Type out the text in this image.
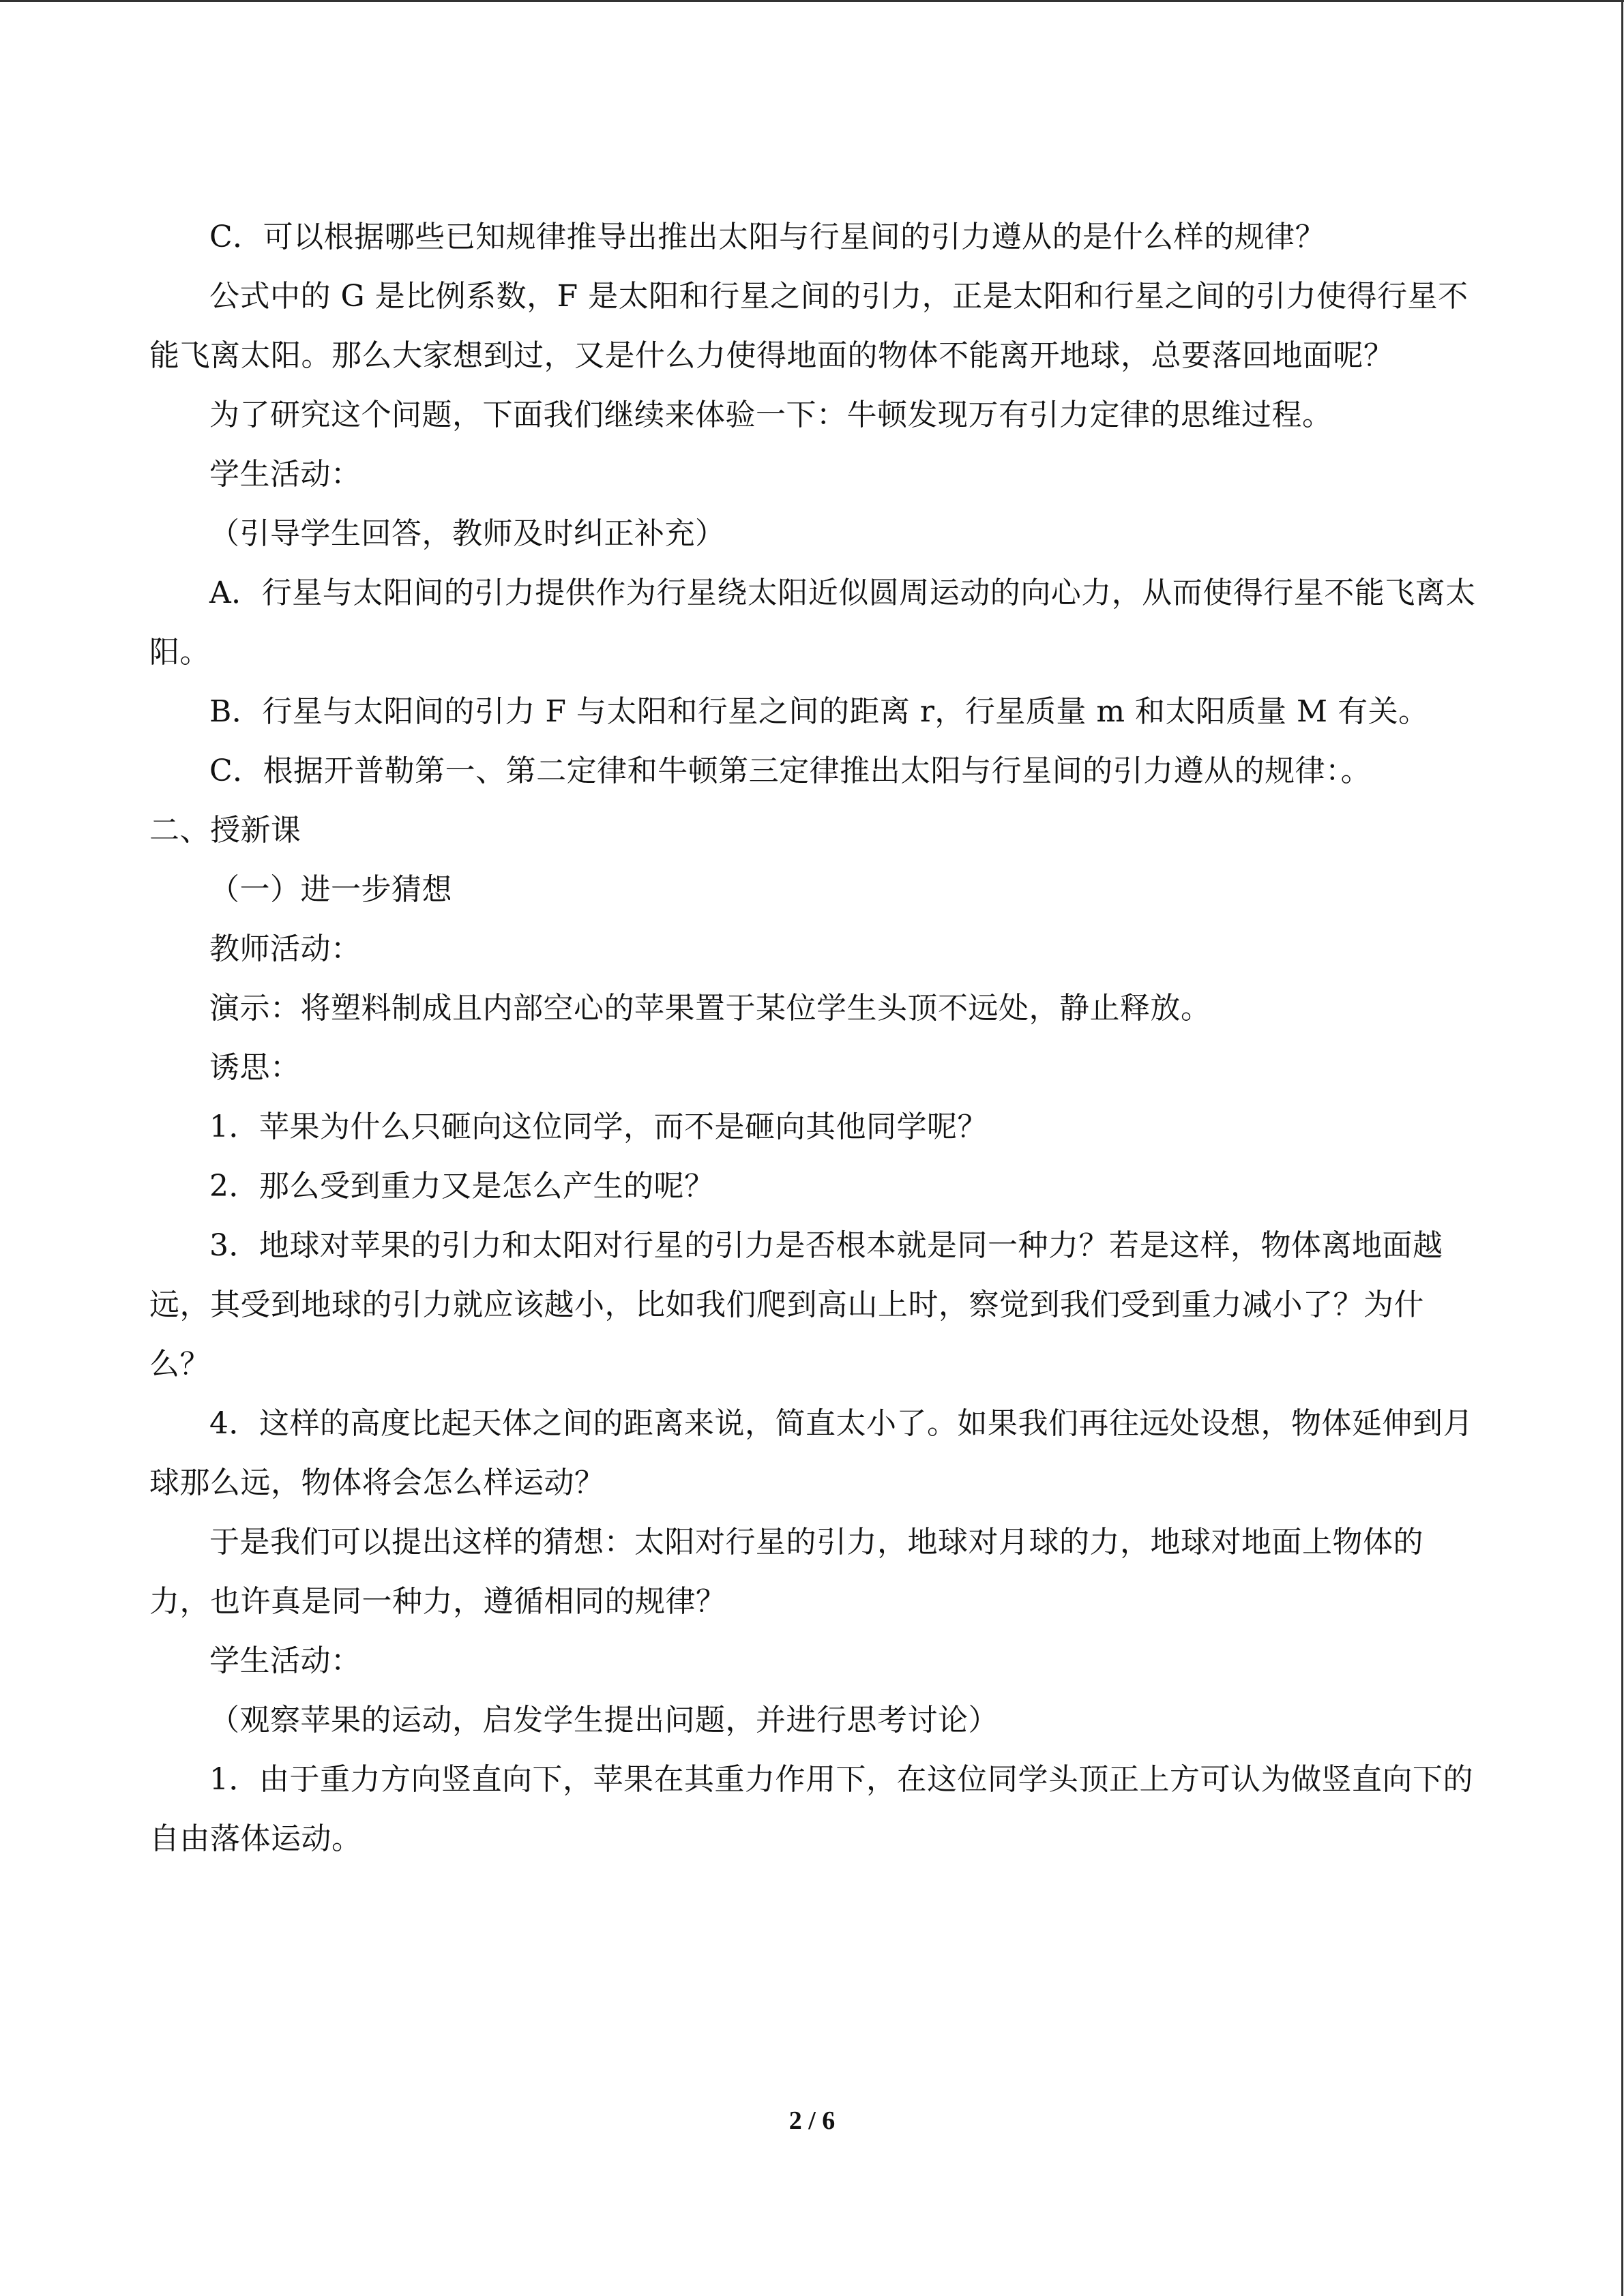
C．可以根据哪些已知规律推导出推出太阳与行星间的引力遵从的是什么样的规律？

公式中的 G 是比例系数，F 是太阳和行星之间的引力，正是太阳和行星之间的引力使得行星不能飞离太阳。那么大家想到过，又是什么力使得地面的物体不能离开地球，总要落回地面呢？

为了研究这个问题，下面我们继续来体验一下：牛顿发现万有引力定律的思维过程。

学生活动：

（引导学生回答，教师及时纠正补充）

A．行星与太阳间的引力提供作为行星绕太阳近似圆周运动的向心力，从而使得行星不能飞离太阳。

B．行星与太阳间的引力 F 与太阳和行星之间的距离 r，行星质量 m 和太阳质量 M 有关。

C．根据开普勒第一、第二定律和牛顿第三定律推出太阳与行星间的引力遵从的规律：。

二、授新课

（一）进一步猜想

教师活动：

演示：将塑料制成且内部空心的苹果置于某位学生头顶不远处，静止释放。

诱思：

1．苹果为什么只砸向这位同学，而不是砸向其他同学呢？

2．那么受到重力又是怎么产生的呢？

3．地球对苹果的引力和太阳对行星的引力是否根本就是同一种力？若是这样，物体离地面越远，其受到地球的引力就应该越小，比如我们爬到高山上时，察觉到我们受到重力减小了？为什么？

4．这样的高度比起天体之间的距离来说，简直太小了。如果我们再往远处设想，物体延伸到月球那么远，物体将会怎么样运动？

于是我们可以提出这样的猜想：太阳对行星的引力，地球对月球的力，地球对地面上物体的力，也许真是同一种力，遵循相同的规律？

学生活动：

（观察苹果的运动，启发学生提出问题，并进行思考讨论）

1．由于重力方向竖直向下，苹果在其重力作用下，在这位同学头顶正上方可认为做竖直向下的自由落体运动。

2 / 6
